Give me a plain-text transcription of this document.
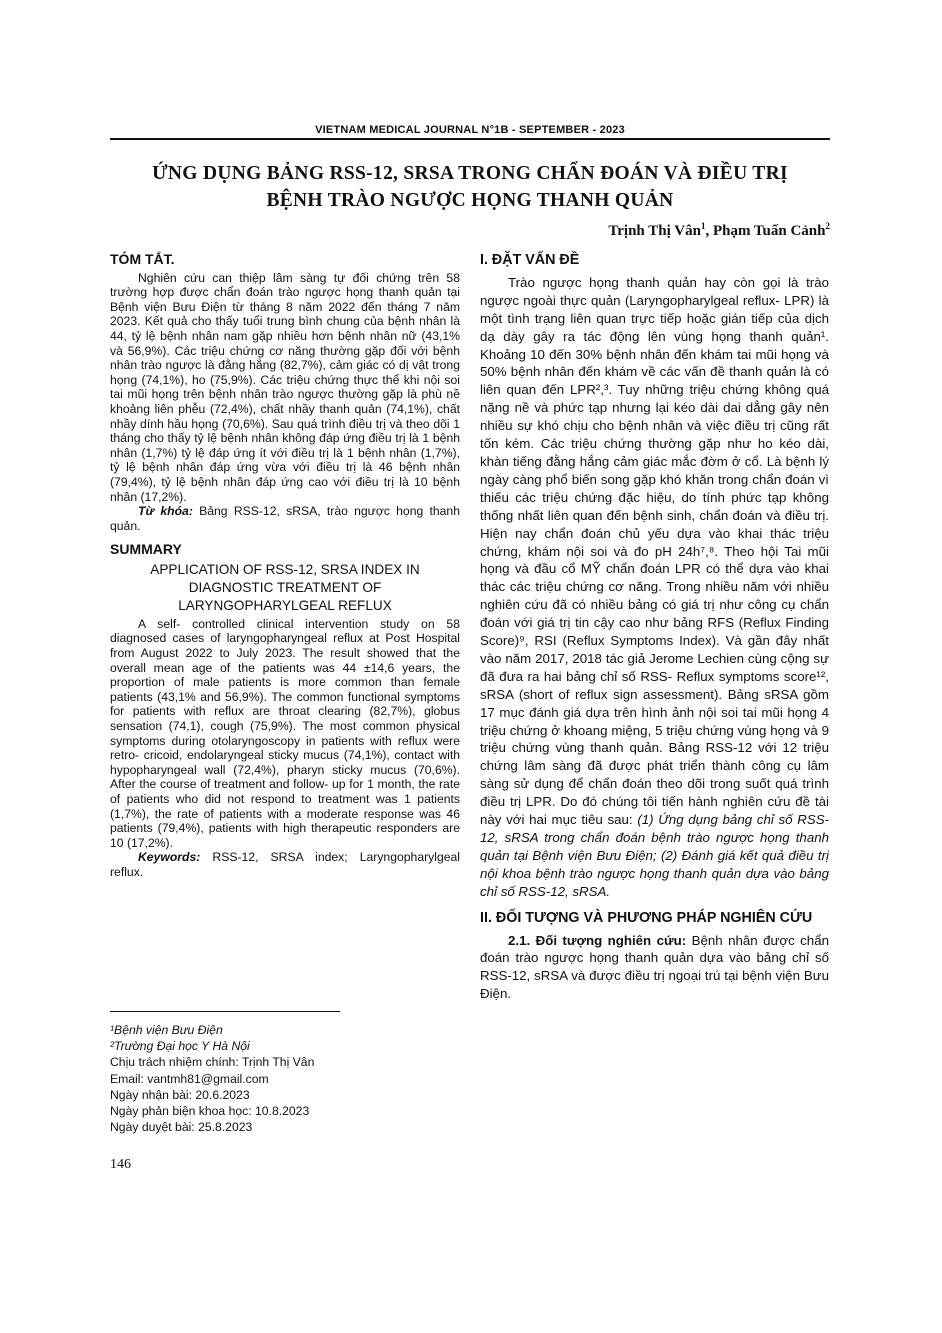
VIETNAM MEDICAL JOURNAL N°1B - SEPTEMBER - 2023
ỨNG DỤNG BẢNG RSS-12, SRSA TRONG CHẨN ĐOÁN VÀ ĐIỀU TRỊ
BỆNH TRÀO NGƯỢC HỌNG THANH QUẢN
Trịnh Thị Vân$^1$, Phạm Tuấn Cảnh$^2$
TÓM TẮT.

Nghiên cứu can thiệp lâm sàng tự đối chứng trên 58 trường hợp được chẩn đoán trào ngược họng thanh quản tại Bệnh viện Bưu Điện từ tháng 8 năm 2022 đến tháng 7 năm 2023. Kết quả cho thấy tuổi trung bình chung của bệnh nhân là 44, tỷ lệ bệnh nhân nam gặp nhiều hơn bệnh nhân nữ (43,1% và 56,9%). Các triệu chứng cơ năng thường gặp đối với bệnh nhân trào ngược là đằng hắng (82,7%), cảm giác có dị vật trong họng (74,1%), ho (75,9%). Các triệu chứng thực thể khi nội soi tai mũi họng trên bệnh nhân trào ngược thường gặp là phù nề khoảng liên phễu (72,4%), chất nhầy thanh quản (74,1%), chất nhầy dính hầu họng (70,6%). Sau quá trình điều trị và theo dõi 1 tháng cho thấy tỷ lệ bệnh nhân không đáp ứng điều trị là 1 bệnh nhân (1,7%) tỷ lệ đáp ứng ít với điều trị là 1 bệnh nhân (1,7%), tỷ lệ bệnh nhân đáp ứng vừa với điều trị là 46 bệnh nhân (79,4%), tỷ lệ bệnh nhân đáp ứng cao với điều trị là 10 bệnh nhân (17,2%).

Từ khóa: Bảng RSS-12, sRSA, trào ngược họng thanh quản.

SUMMARY
APPLICATION OF RSS-12, SRSA INDEX IN
DIAGNOSTIC TREATMENT OF
LARYNGOPHARYLGEAL REFLUX

A self- controlled clinical intervention study on 58 diagnosed cases of laryngopharyngeal reflux at Post Hospital from August 2022 to July 2023. The result showed that the overall mean age of the patients was 44 ±14,6 years, the proportion of male patients is more common than female patients (43,1% and 56,9%). The common functional symptoms for patients with reflux are throat clearing (82,7%), globus sensation (74,1), cough (75,9%). The most common physical symptoms during otolaryngoscopy in patients with reflux were retro- cricoid, endolaryngeal sticky mucus (74,1%), contact with hypopharyngeal wall (72,4%), pharyn sticky mucus (70,6%). After the course of treatment and follow- up for 1 month, the rate of patients who did not respond to treatment was 1 patients (1,7%), the rate of patients with a moderate response was 46 patients (79,4%), patients with high therapeutic responders are 10 (17,2%).

Keywords: RSS-12, SRSA index; Laryngopharylgeal reflux.

¹Bệnh viện Bưu Điện
²Trường Đại học Y Hà Nội
Chịu trách nhiệm chính: Trịnh Thị Vân
Email: vantmh81@gmail.com
Ngày nhận bài: 20.6.2023
Ngày phản biện khoa học: 10.8.2023
Ngày duyệt bài: 25.8.2023
146
I. ĐẶT VẤN ĐỀ

Trào ngược họng thanh quản hay còn gọi là trào ngược ngoài thực quản (Laryngopharylgeal reflux- LPR) là một tình trạng liên quan trực tiếp hoặc gián tiếp của dịch dạ dày gây ra tác động lên vùng họng thanh quản¹. Khoảng 10 đến 30% bệnh nhân đến khám tai mũi họng và 50% bệnh nhân đến khám về các vấn đề thanh quản là có liên quan đến LPR²,³. Tuy những triệu chứng không quá nặng nề và phức tạp nhưng lại kéo dài dai dẳng gây nên nhiều sự khó chịu cho bệnh nhân và việc điều trị cũng rất tốn kém. Các triệu chứng thường gặp như ho kéo dài, khàn tiếng đằng hắng cảm giác mắc đờm ở cổ. Là bệnh lý ngày càng phổ biến song gặp khó khăn trong chẩn đoán vì thiếu các triệu chứng đặc hiệu, do tính phức tạp không thống nhất liên quan đến bệnh sinh, chẩn đoán và điều trị. Hiện nay chẩn đoán chủ yếu dựa vào khai thác triệu chứng, khám nội soi và đo pH 24h⁷,⁸. Theo hội Tai mũi họng và đầu cổ MỸ chẩn đoán LPR có thể dựa vào khai thác các triệu chứng cơ năng. Trong nhiều năm với nhiều nghiên cứu đã có nhiều bảng có giá trị như công cụ chẩn đoán với giá trị tin cậy cao như bảng RFS (Reflux Finding Score)⁹, RSI (Reflux Symptoms Index). Và gần đây nhất vào năm 2017, 2018 tác giả Jerome Lechien cùng cộng sự đã đưa ra hai bảng chỉ số RSS- Reflux symptoms score¹², sRSA (short of reflux sign assessment). Bảng sRSA gồm 17 mục đánh giá dựa trên hình ảnh nội soi tai mũi họng 4 triệu chứng ở khoang miệng, 5 triệu chứng vùng họng và 9 triệu chứng vùng thanh quản. Bảng RSS-12 với 12 triệu chứng lâm sàng đã được phát triển thành công cụ lâm sàng sử dụng để chẩn đoán theo dõi trong suốt quá trình điều trị LPR. Do đó chúng tôi tiến hành nghiên cứu đề tài này với hai mục tiêu sau: (1) Ứng dụng bảng chỉ số RSS-12, sRSA trong chẩn đoán bệnh trào ngược họng thanh quản tại Bệnh viện Bưu Điện; (2) Đánh giá kết quả điều trị nội khoa bệnh trào ngược họng thanh quản dựa vào bảng chỉ số RSS-12, sRSA.

II. ĐỐI TƯỢNG VÀ PHƯƠNG PHÁP NGHIÊN CỨU

2.1. Đối tượng nghiên cứu: Bệnh nhân được chẩn đoán trào ngược họng thanh quản dựa vào bảng chỉ số RSS-12, sRSA và được điều trị ngoại trú tại bệnh viện Bưu Điện.
